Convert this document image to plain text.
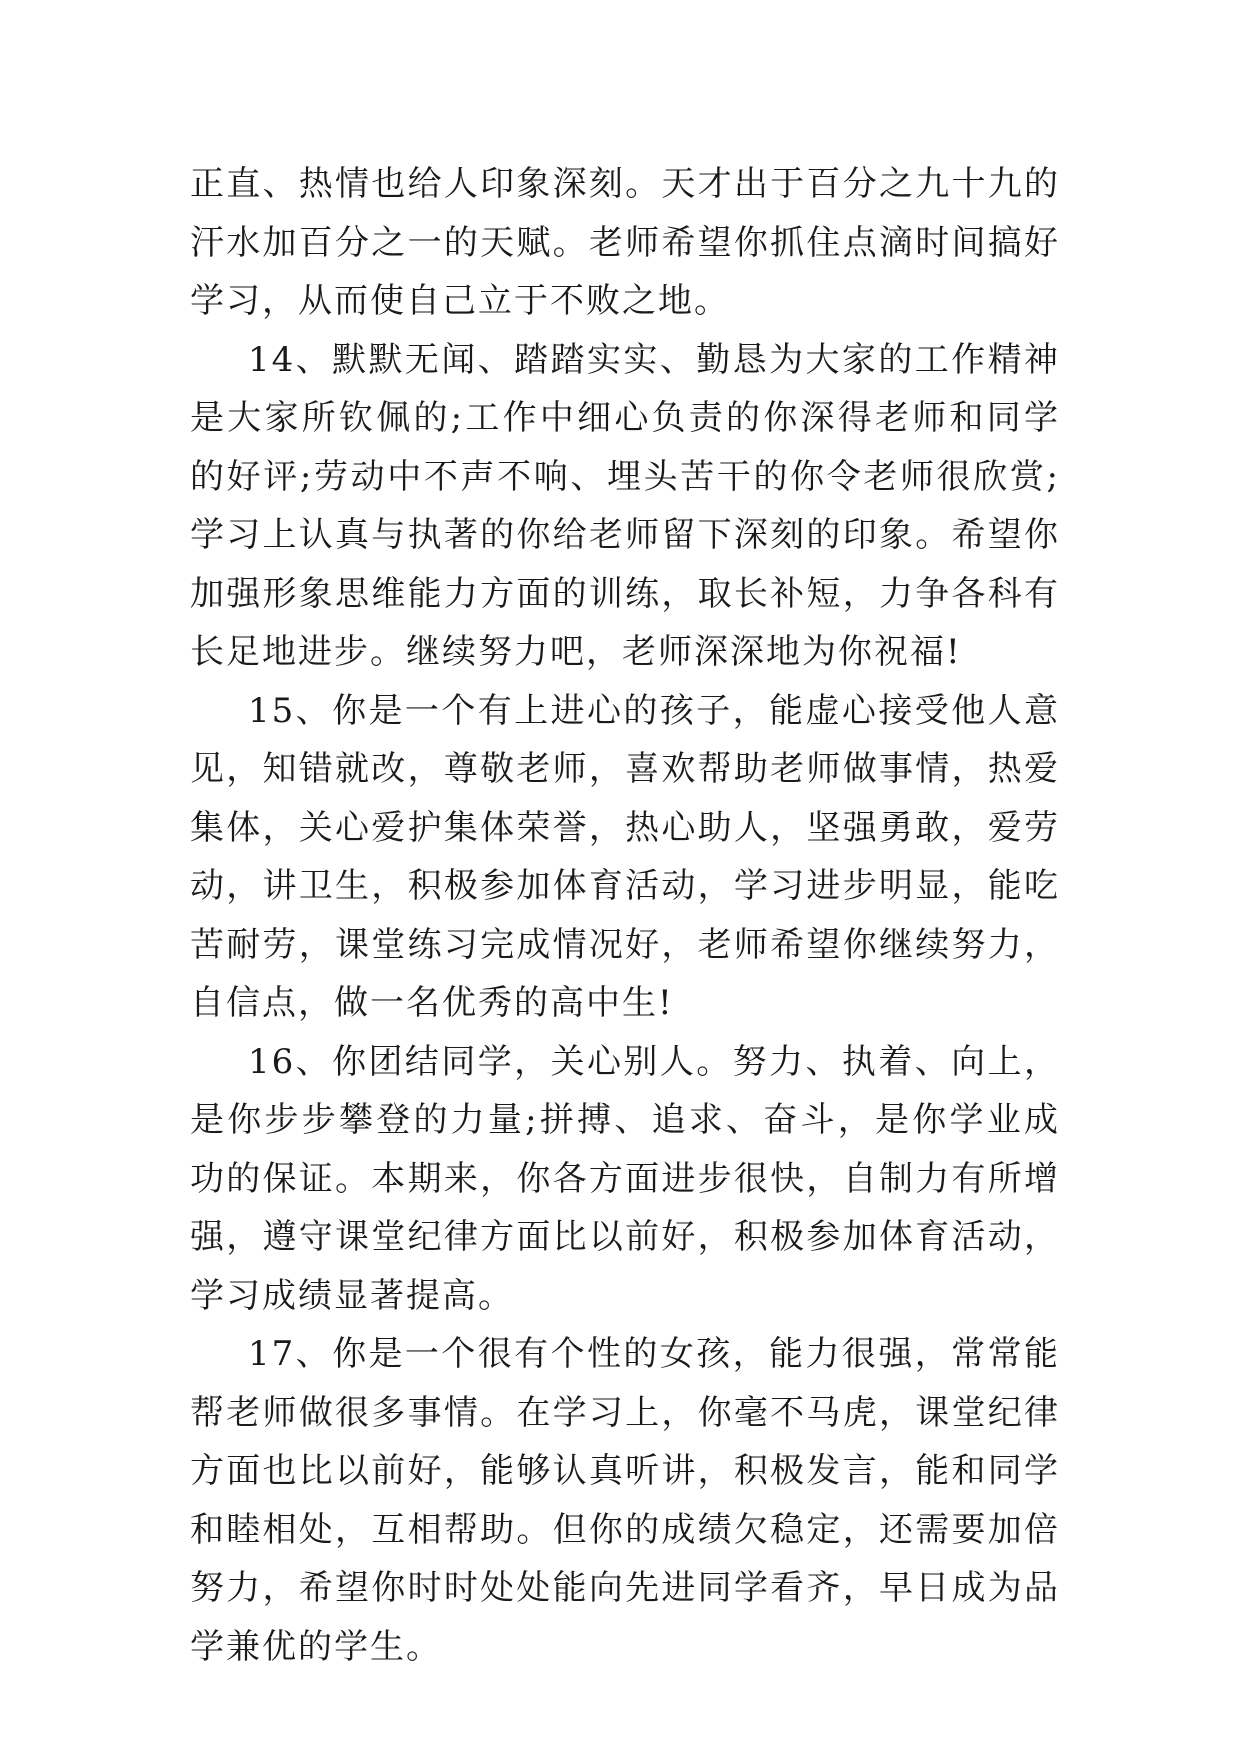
正直、热情也给人印象深刻。天才出于百分之九十九的汗水加百分之一的天赋。老师希望你抓住点滴时间搞好学习，从而使自己立于不败之地。

14、默默无闻、踏踏实实、勤恳为大家的工作精神是大家所钦佩的;工作中细心负责的你深得老师和同学的好评;劳动中不声不响、埋头苦干的你令老师很欣赏;学习上认真与执著的你给老师留下深刻的印象。希望你加强形象思维能力方面的训练，取长补短，力争各科有长足地进步。继续努力吧，老师深深地为你祝福!

15、你是一个有上进心的孩子，能虚心接受他人意见，知错就改，尊敬老师，喜欢帮助老师做事情，热爱集体，关心爱护集体荣誉，热心助人，坚强勇敢，爱劳动，讲卫生，积极参加体育活动，学习进步明显，能吃苦耐劳，课堂练习完成情况好，老师希望你继续努力，自信点，做一名优秀的高中生!

16、你团结同学，关心别人。努力、执着、向上，是你步步攀登的力量;拼搏、追求、奋斗，是你学业成功的保证。本期来，你各方面进步很快，自制力有所增强，遵守课堂纪律方面比以前好，积极参加体育活动，学习成绩显著提高。

17、你是一个很有个性的女孩，能力很强，常常能帮老师做很多事情。在学习上，你毫不马虎，课堂纪律方面也比以前好，能够认真听讲，积极发言，能和同学和睦相处，互相帮助。但你的成绩欠稳定，还需要加倍努力，希望你时时处处能向先进同学看齐，早日成为品学兼优的学生。
